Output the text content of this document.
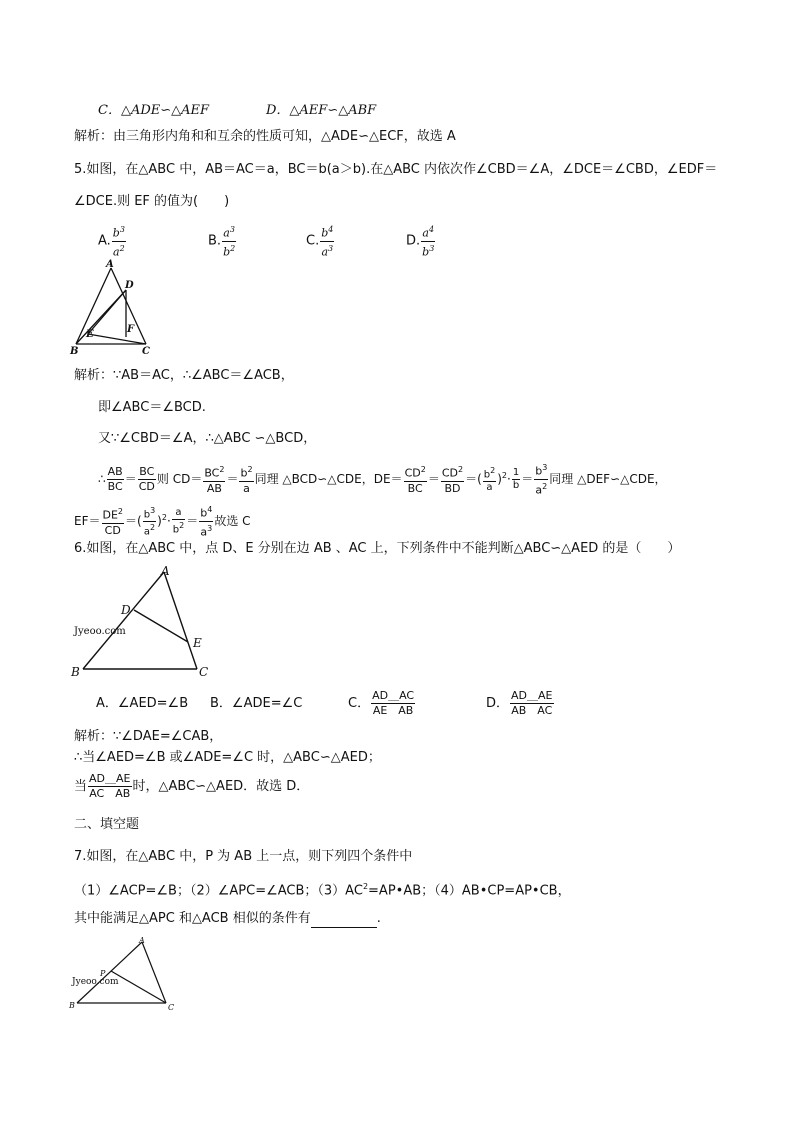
C．△ADE∽△AEF	D．△AEF∽△ABF
解析：由三角形内角和和互余的性质可知，△ADE∽△ECF，故选 A
5.如图，在△ABC 中，AB＝AC＝a，BC＝b(a＞b).在△ABC 内依次作∠CBD＝∠A，∠DCE＝∠CBD，∠EDF＝
∠DCE.则 EF 的值为(　　)
A. $\frac{b^3}{a^2}$	B. $\frac{a^3}{b^2}$	C. $\frac{b^4}{a^3}$	D. $\frac{a^4}{b^3}$
A
D
E	F
B	C
解析：∵AB＝AC，∴∠ABC＝∠ACB，
即∠ABC＝∠BCD.
又∵∠CBD＝∠A，∴△ABC ∽△BCD，
∴ $\frac{AB}{BC} = \frac{BC}{CD}$ 则 $CD= \frac{BC^2}{AB} = \frac{b^2}{a}$ 同理 △BCD∽△CDE，$DE= \frac{CD^2}{BC} = \frac{CD^2}{BD}$ ＝( $\frac{b^2}{a} )^2\cdot \frac{1}{b} = \frac{b^3}{a^2}$ 同理 △DEF∽△CDE，
$EF= \frac{DE^2}{CD}$ ＝( $\frac{b^3}{a^2} )^2\cdot \frac{a}{b^2} = \frac{b^4}{a^3}$ 故选 C
6.如图，在△ABC 中，点 D、E 分别在边 AB 、AC 上，下列条件中不能判断△ABC∽△AED 的是（　　）
Jyeoo.com
A
D
E
B	C
A．∠AED=∠B B．∠ADE=∠C	C． $\frac{AD\_AC}{\text{AE　AB}}$	D． $\frac{AD\_AE}{\text{AB　AC}}$
解析：∵∠DAE=∠CAB，
∴当∠AED=∠B 或∠ADE=∠C 时，△ABC∽△AED；
当 $\frac{AD\_AE}{\text{AC　AB}}$ 时，△ABC∽△AED．故选 D．
二、填空题
7.如图，在△ABC 中，P 为 AB 上一点，则下列四个条件中
（1）∠ACP=∠B；（2）∠APC=∠ACB；$(3)AC^2=AP•AB$；（4）AB•CP=AP•CB，
其中能满足△APC 和△ACB 相似的条件有	.
Jyeoo.com
A
P
B	C
